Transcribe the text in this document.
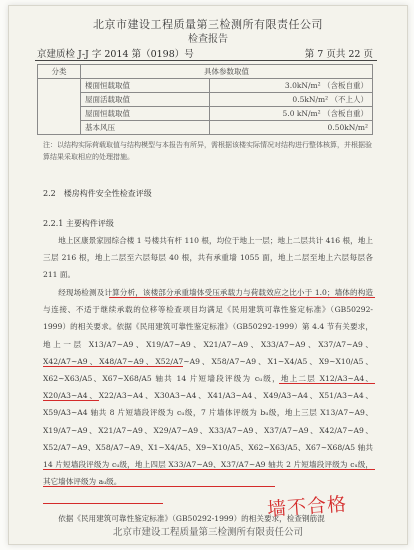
北京市建设工程质量第三检测所有限责任公司
检查报告
京建质检 J-J 字 2014 第（0198）号	第 7 页共 22 页
分类	具体参数取值	
	楼面恒载取值	3.0kN/m² （含板自重）
	屋面活载取值	0.5kN/m² （不上人）
	屋面恒载取值	5.0 kN/m² （含板自重）
	基本风压	0.50kN/m²
注：以结构实际荷载取值与结构模型与本报告有所异，需根据该楼实际情况对结构进行整体核算，并根据验算结果采取相应的处理措施。
2.2　楼房构件安全性检查评级
2.2.1 主要构件评级
地上区康景家园综合楼 1 号楼共有杆 110 根，均位于地上一层；地上二层共计 416 根，地上三层 216 根，地上二层至六层每层 40 根，共有承重墙 1055 面，地上二层至地上六层每层各 211 面。
经现场检测及计算分析，该楼部分承重墙体受压承载力与荷载效应之比小于 1.0；墙体的构造与连接、不适于继续承载的位移等检查项目均满足《民用建筑可靠性鉴定标准》（GB50292-1999）的相关要求。依据《民用建筑可靠性鉴定标准》（GB50292-1999）第 4.4 节有关要求，地上一层 X13/A7~A9、X19/A7~A9、X21/A7~A9、X33/A7~A9、X37/A7~A9、X42/A7~A9、X48/A7~A9、X52/A7~A9、X58/A7~A9、X1~X4/A5、X9~X10/A5、X62~X63/A5、X67~X68/A5 轴共 14 片短墙段评级为 cᵤ级，地上二层 X12/A3~A4、X20/A3~A4、X22/A3~A4、X30A3~A4、X41/A3~A4、X49/A3~A4、X51/A3~A4、X59/A3~A4 轴共 8 片短墙段评级为 cᵤ级，7 片墙体评级为 bᵤ级，地上三层 X13/A7~A9、X19/A7~A9、X21/A7~A9、X29/A7~A9、X33/A7~A9、X37/A7~A9、X42/A7~A9、X52/A7~A9、X58/A7~A9、X1~X4/A5、X9~X10/A5、X62~X63/A5、X67~X68/A5 轴共 14 片短墙段评级为 cᵤ级，地上四层 X33/A7~A9、X37/A7~A9 轴共 2 片短墙段评级为 cᵤ级，其它墙体评级为 aᵤ级。
依据《民用建筑可靠性鉴定标准》（GB50292-1999）的相关要求，检查钢筋混
墙不合格
北京市建设工程质量第三检测所有限责任公司
